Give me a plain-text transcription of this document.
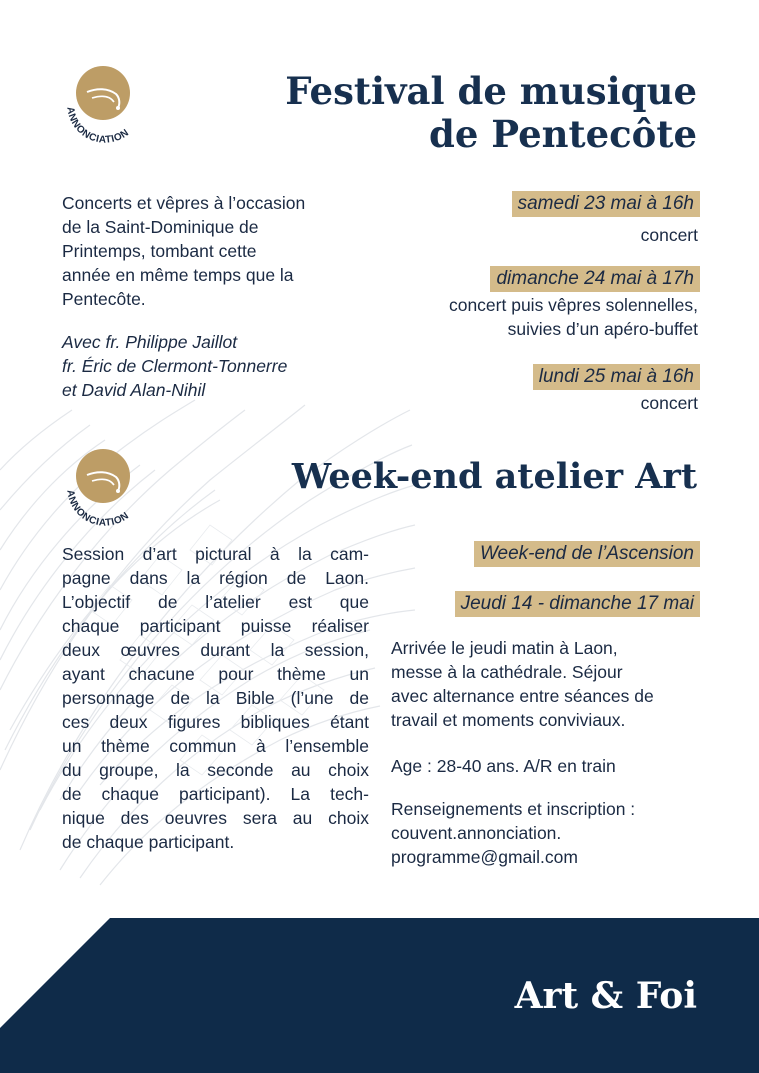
ANNONCIATION
ANNONCIATION
Festival de musique
de Pentecôte
Concerts et vêpres à l’occasion
de la Saint-Dominique de
Printemps, tombant cette
année en même temps que la
Pentecôte.
Avec fr. Philippe Jaillot
fr. Éric de Clermont-Tonnerre
et David Alan-Nihil
samedi 23 mai à 16h
concert
dimanche 24 mai à 17h
concert puis vêpres solennelles,
suivies d’un apéro-buffet
lundi 25 mai à 16h
concert
Week-end atelier Art
Session d’art pictural à la cam-
pagne dans la région de Laon.
L’objectif de l’atelier est que
chaque participant puisse réaliser
deux œuvres durant la session,
ayant chacune pour thème un
personnage de la Bible (l’une de
ces deux figures bibliques étant
un thème commun à l’ensemble
du groupe, la seconde au choix
de chaque participant). La tech-
nique des oeuvres sera au choix
de chaque participant.
Week-end de l’Ascension
Jeudi 14 - dimanche 17 mai
Arrivée le jeudi matin à Laon,
messe à la cathédrale. Séjour
avec alternance entre séances de
travail et moments conviviaux.
Age : 28-40 ans. A/R en train
Renseignements et inscription :
couvent.annonciation.
programme@gmail.com
Art & Foi
